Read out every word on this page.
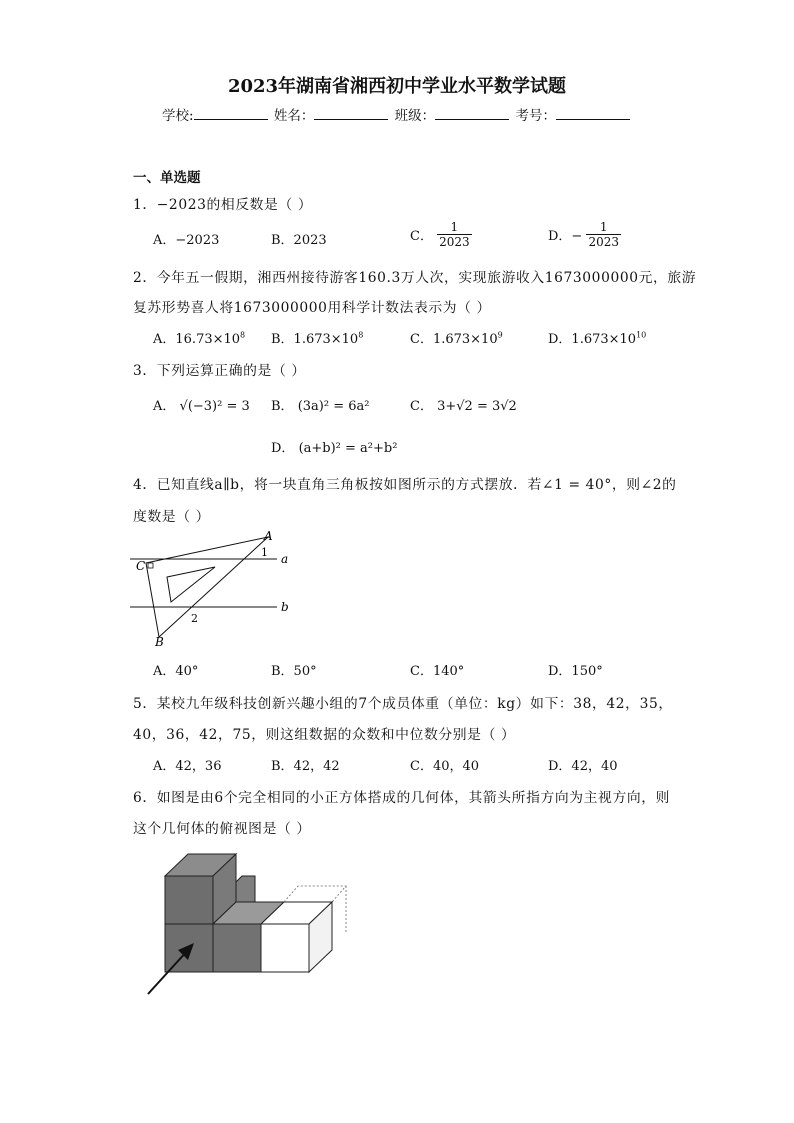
2023年湖南省湘西初中学业水平数学试题
学校:	姓名：	班级：	考号：
一、单选题
1．−2023的相反数是（ ）
A．−2023	B．2023	C． $\frac{1}{2023}$	D．− $\frac{1}{2023}$
2．今年五一假期，湘西州接待游客160.3万人次，实现旅游收入1673000000元，旅游
复苏形势喜人将1673000000用科学计数法表示为（ ）
A．$16.73\times 10^8$ B．$1.673\times 10^8$	C．$1.673\times 10^9$	D．$1.673\times 10^{10}$
3．下列运算正确的是（ ）
A． √(−3)² = 3 B． (3a)² = 6a²	C． 3+√2 = 3√2
D． (a+b)² = a²+b²
4．已知直线a∥b，将一块直角三角板按如图所示的方式摆放．若∠1 = 40°，则∠2的
度数是（ ）
A
C
B
a
b
1
2
A．40°	B．50°	C．140°	D．150°
5．某校九年级科技创新兴趣小组的7个成员体重（单位：kg）如下：38，42，35，
40，36，42，75，则这组数据的众数和中位数分别是（ ）
A．42，36	B．42，42	C．40，40	D．42，40
6．如图是由6个完全相同的小正方体搭成的几何体，其箭头所指方向为主视方向，则
这个几何体的俯视图是（ ）
